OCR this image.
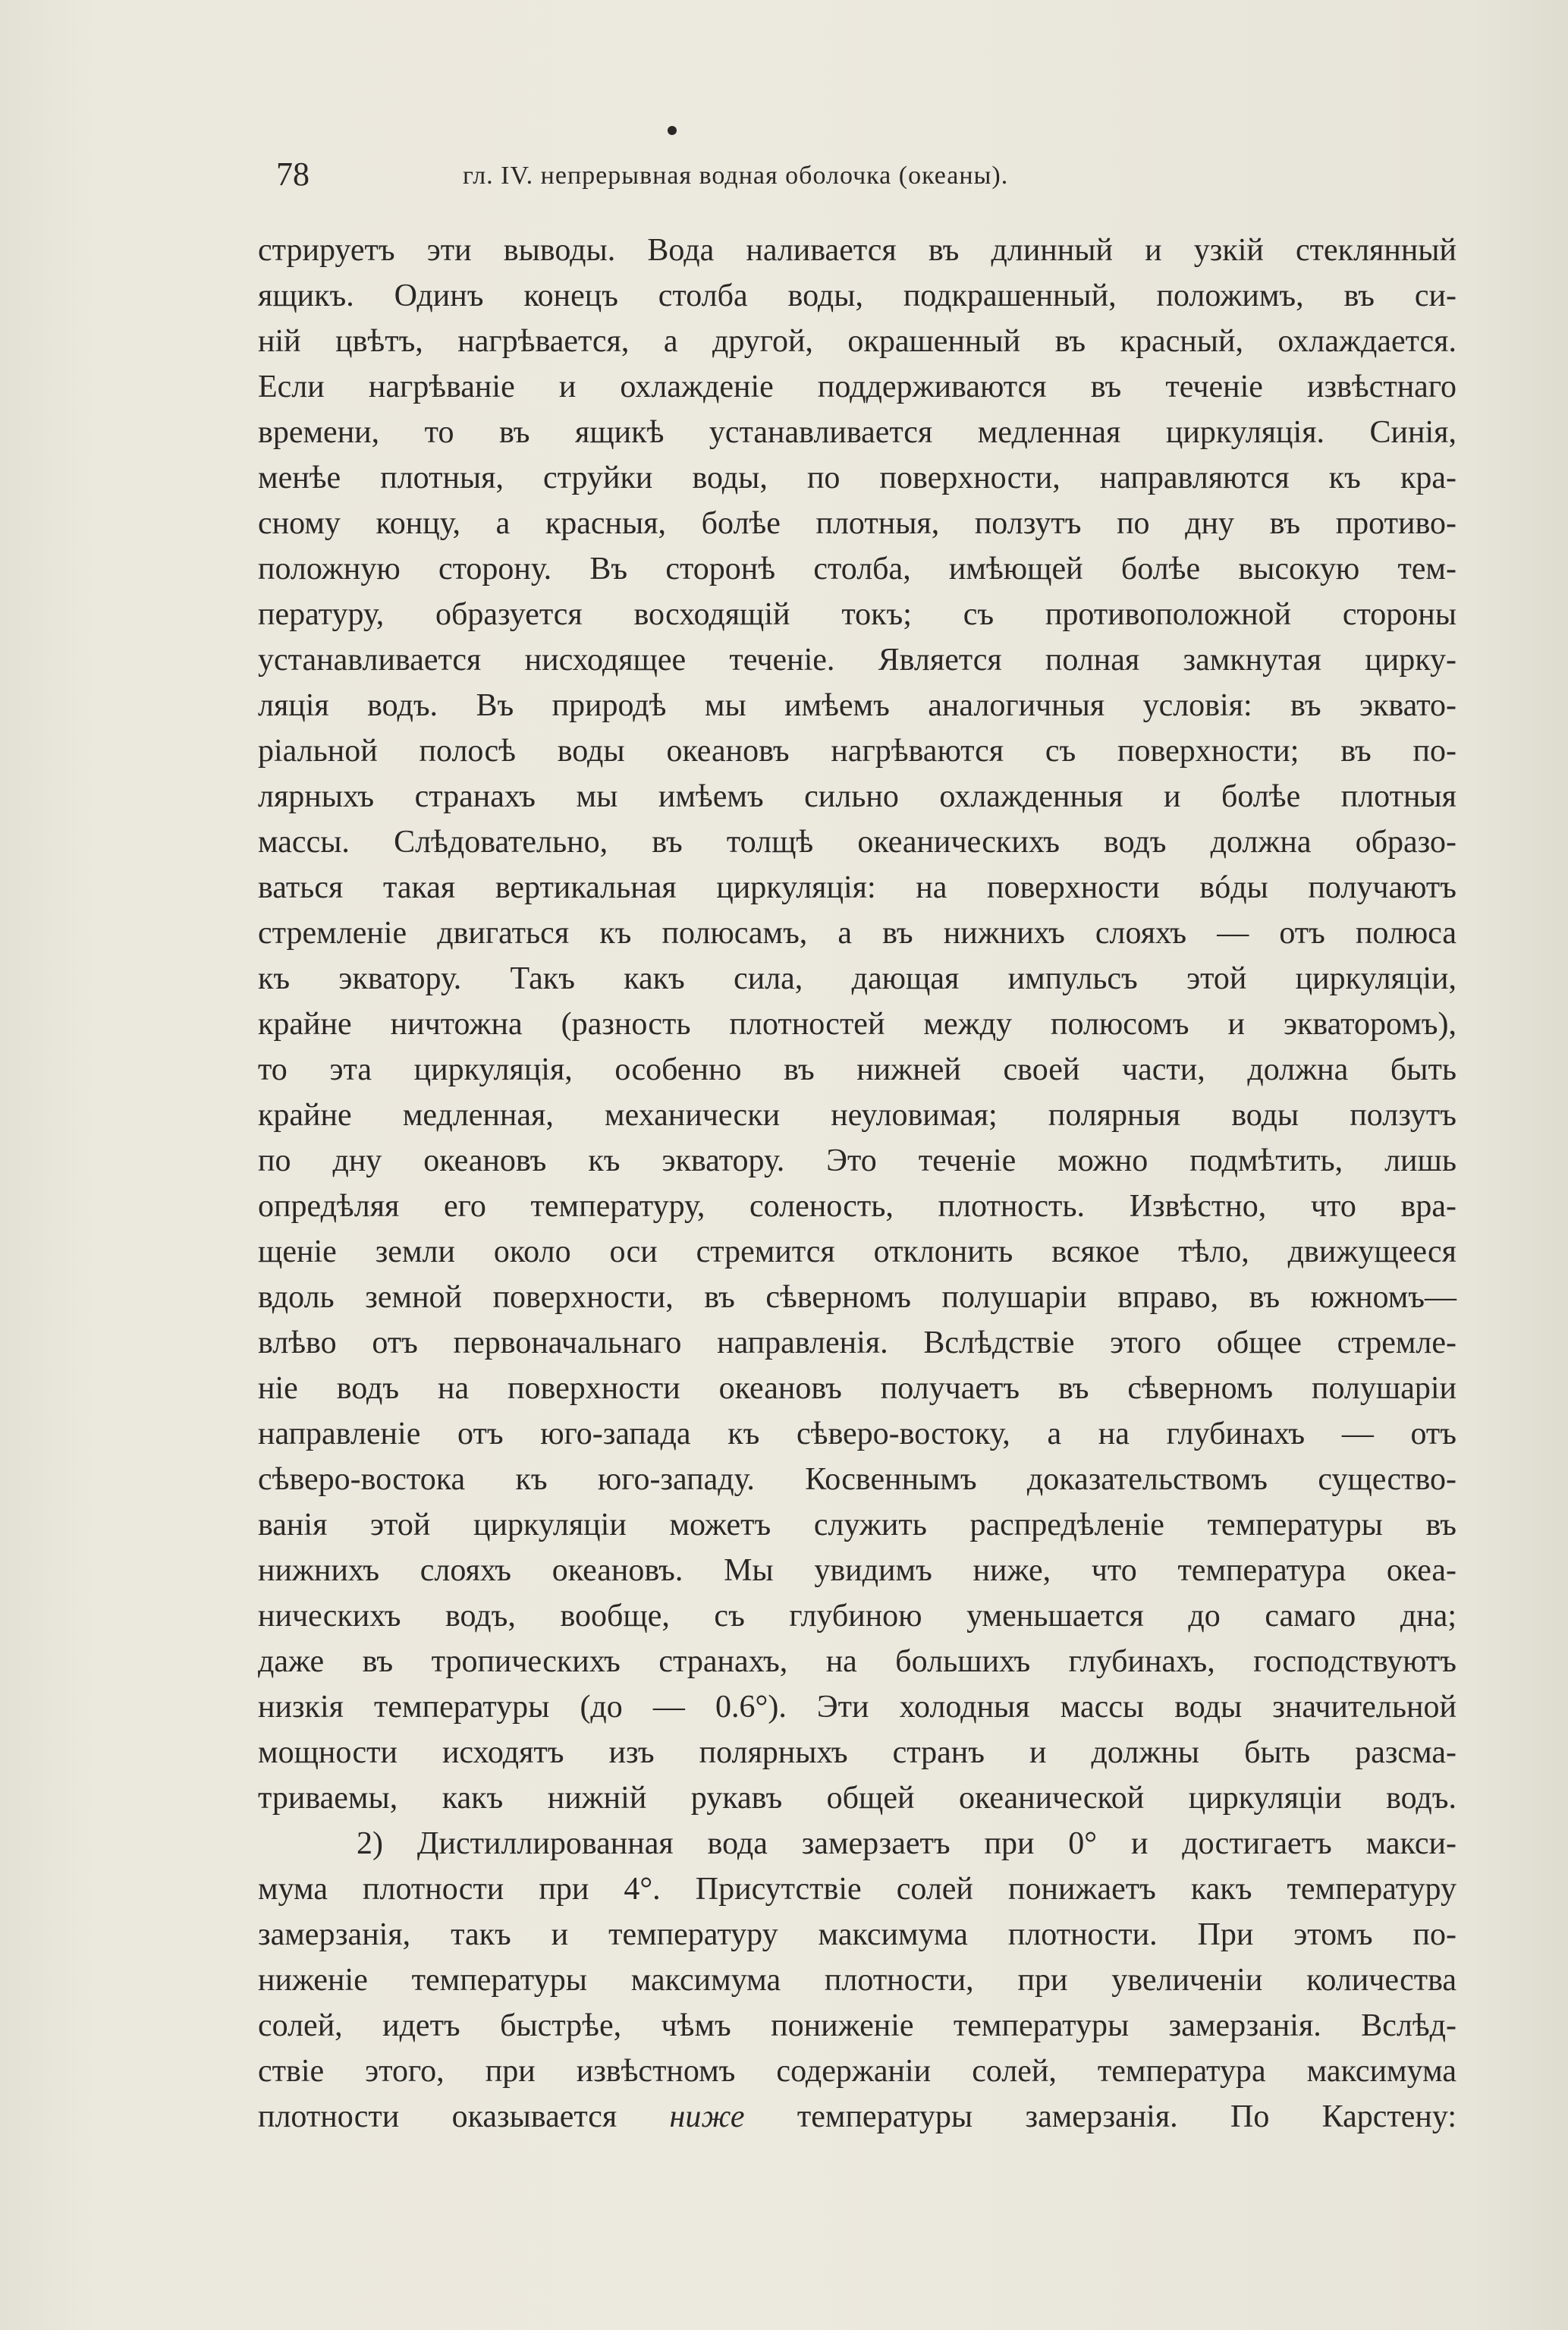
78	гл. IV. непрерывная водная оболочка (океаны).
стрируетъ эти выводы. Вода наливается въ длинный и узкій стеклянный
ящикъ. Одинъ конецъ столба воды, подкрашенный, положимъ, въ си-
ній цвѣтъ, нагрѣвается, а другой, окрашенный въ красный, охлаждается.
Если нагрѣваніе и охлажденіе поддерживаются въ теченіе извѣстнаго
времени, то въ ящикѣ устанавливается медленная циркуляція. Синія,
менѣе плотныя, струйки воды, по поверхности, направляются къ кра-
сному концу, а красныя, болѣе плотныя, ползутъ по дну въ противо-
положную сторону. Въ сторонѣ столба, имѣющей болѣе высокую тем-
пературу, образуется восходящій токъ; съ противоположной стороны
устанавливается нисходящее теченіе. Является полная замкнутая цирку-
ляція водъ. Въ природѣ мы имѣемъ аналогичныя условія: въ эквато-
ріальной полосѣ воды океановъ нагрѣваются съ поверхности; въ по-
лярныхъ странахъ мы имѣемъ сильно охлажденныя и болѣе плотныя
массы. Слѣдовательно, въ толщѣ океаническихъ водъ должна образо-
ваться такая вертикальная циркуляція: на поверхности вóды получаютъ
стремленіе двигаться къ полюсамъ, а въ нижнихъ слояхъ — отъ полюса
къ экватору. Такъ какъ сила, дающая импульсъ этой циркуляціи,
крайне ничтожна (разность плотностей между полюсомъ и экваторомъ),
то эта циркуляція, особенно въ нижней своей части, должна быть
крайне медленная, механически неуловимая; полярныя воды ползутъ
по дну океановъ къ экватору. Это теченіе можно подмѣтить, лишь
опредѣляя его температуру, соленость, плотность. Извѣстно, что вра-
щеніе земли около оси стремится отклонить всякое тѣло, движущееся
вдоль земной поверхности, въ сѣверномъ полушаріи вправо, въ южномъ—
влѣво отъ первоначальнаго направленія. Вслѣдствіе этого общее стремле-
ніе водъ на поверхности океановъ получаетъ въ сѣверномъ полушаріи
направленіе отъ юго-запада къ сѣверо-востоку, а на глубинахъ — отъ
сѣверо-востока къ юго-западу. Косвеннымъ доказательствомъ существо-
ванія этой циркуляціи можетъ служить распредѣленіе температуры въ
нижнихъ слояхъ океановъ. Мы увидимъ ниже, что температура океа-
ническихъ водъ, вообще, съ глубиною уменьшается до самаго дна;
даже въ тропическихъ странахъ, на большихъ глубинахъ, господствуютъ
низкія температуры (до — 0.6°). Эти холодныя массы воды значительной
мощности исходятъ изъ полярныхъ странъ и должны быть разсма-
триваемы, какъ нижній рукавъ общей океанической циркуляціи водъ.
2) Дистиллированная вода замерзаетъ при 0° и достигаетъ макси-
мума плотности при 4°. Присутствіе солей понижаетъ какъ температуру
замерзанія, такъ и температуру максимума плотности. При этомъ по-
ниженіе температуры максимума плотности, при увеличеніи количества
солей, идетъ быстрѣе, чѣмъ пониженіе температуры замерзанія. Вслѣд-
ствіе этого, при извѣстномъ содержаніи солей, температура максимума
плотности оказывается ниже температуры замерзанія. По Карстену:
